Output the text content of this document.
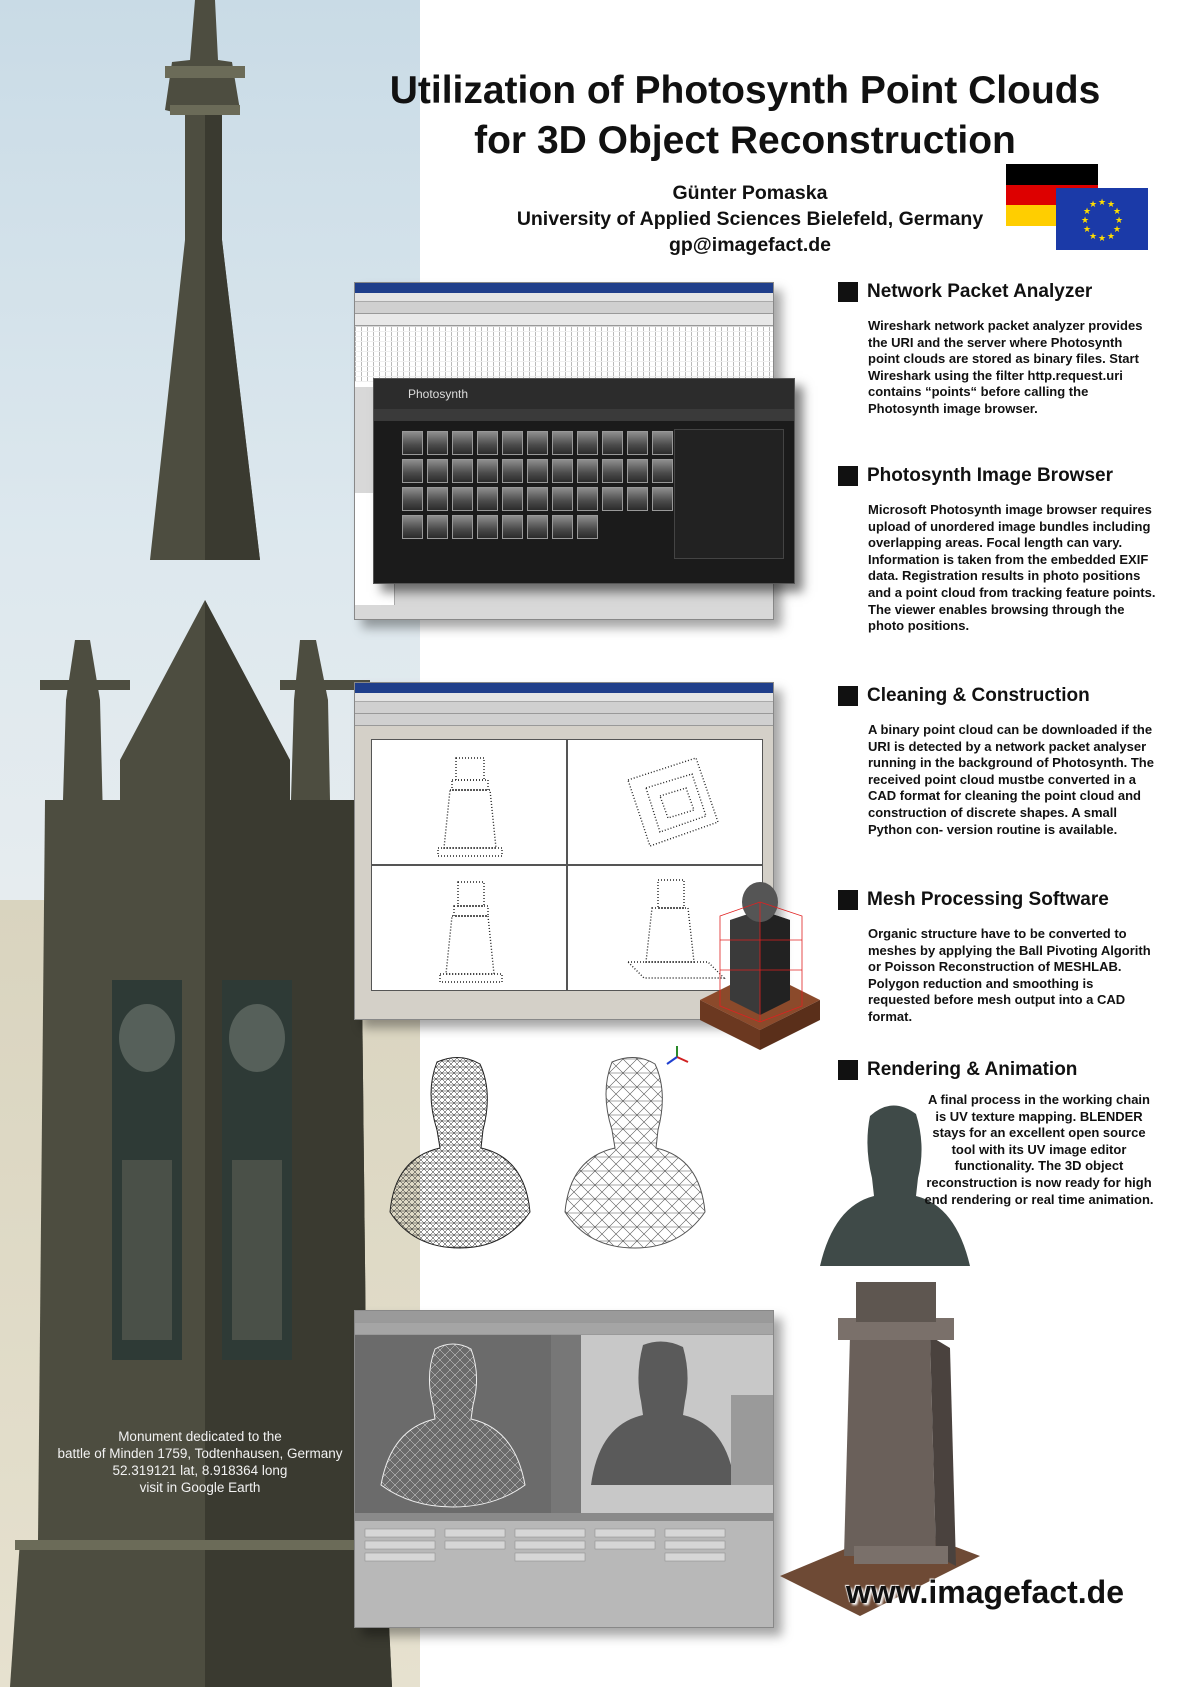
Monument dedicated to the
battle of Minden 1759, Todtenhausen, Germany
52.319121 lat, 8.918364 long
visit in Google Earth
Utilization of Photosynth Point Clouds
for 3D Object Reconstruction
Günter Pomaska
University of Applied Sciences Bielefeld, Germany
gp@imagefact.de
★ ★
★
★
★
★
★
★
★
★
★
★
Photosynth
Network Packet Analyzer
Wireshark network packet analyzer provides the URI and the server where Photosynth point clouds are stored as binary files. Start Wireshark using the filter http.request.uri contains “points“ before calling the Photosynth image browser.
Photosynth Image Browser
Microsoft Photosynth image browser requires upload of unordered image bundles including overlapping areas. Focal length can vary. Information is taken from the embedded EXIF data. Registration results in photo positions and a point cloud from tracking feature points. The viewer enables browsing through the photo positions.
Cleaning & Construction
A binary point cloud can be downloaded if the URI is detected by a network packet analyser running in the background of Photosynth. The received point cloud mustbe converted in a CAD format for cleaning the point cloud and construction of discrete shapes. A small Python con- version routine is available.
Mesh Processing Software
Organic structure have to be converted to meshes by applying the Ball Pivoting Algorith or Poisson Reconstruction of MESHLAB. Polygon reduction and smoothing is requested before mesh output into a CAD format.
Rendering & Animation
A final process in the working chain is UV texture mapping. BLENDER stays for an excellent open source tool with its UV image editor functionality. The 3D object reconstruction is now ready for high end rendering or real time animation.
www.imagefact.de
